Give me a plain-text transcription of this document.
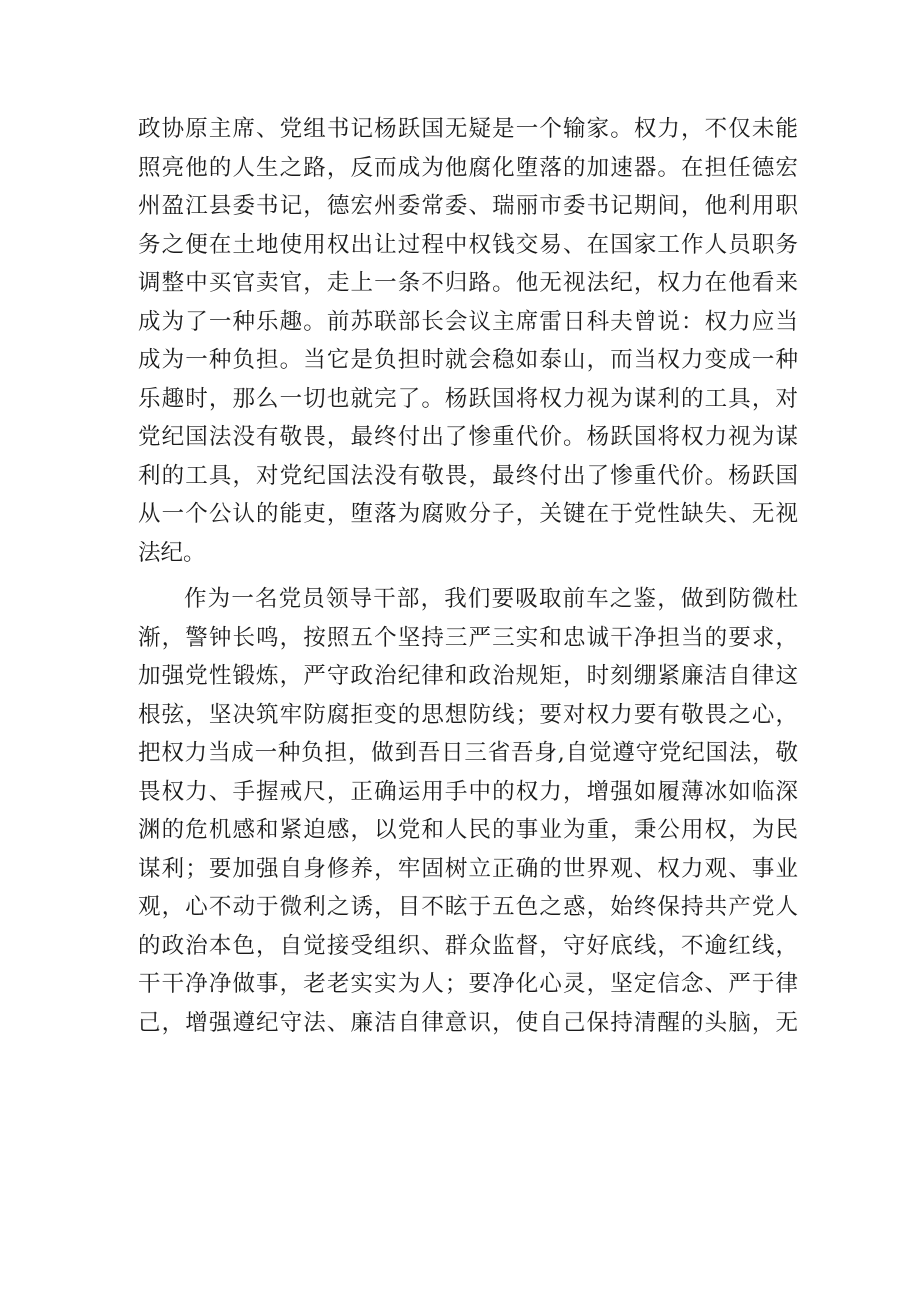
政协原主席、党组书记杨跃国无疑是一个输家。权力，不仅未能
照亮他的人生之路，反而成为他腐化堕落的加速器。在担任德宏
州盈江县委书记，德宏州委常委、瑞丽市委书记期间，他利用职
务之便在土地使用权出让过程中权钱交易、在国家工作人员职务
调整中买官卖官，走上一条不归路。他无视法纪，权力在他看来
成为了一种乐趣。前苏联部长会议主席雷日科夫曾说：权力应当
成为一种负担。当它是负担时就会稳如泰山，而当权力变成一种
乐趣时，那么一切也就完了。杨跃国将权力视为谋利的工具，对
党纪国法没有敬畏，最终付出了惨重代价。杨跃国将权力视为谋
利的工具，对党纪国法没有敬畏，最终付出了惨重代价。杨跃国
从一个公认的能吏，堕落为腐败分子，关键在于党性缺失、无视
法纪。
作为一名党员领导干部，我们要吸取前车之鉴，做到防微杜
渐，警钟长鸣，按照五个坚持三严三实和忠诚干净担当的要求，
加强党性锻炼，严守政治纪律和政治规矩，时刻绷紧廉洁自律这
根弦，坚决筑牢防腐拒变的思想防线；要对权力要有敬畏之心，
把权力当成一种负担，做到吾日三省吾身,自觉遵守党纪国法，敬
畏权力、手握戒尺，正确运用手中的权力，增强如履薄冰如临深
渊的危机感和紧迫感，以党和人民的事业为重，秉公用权，为民
谋利；要加强自身修养，牢固树立正确的世界观、权力观、事业
观，心不动于微利之诱，目不眩于五色之惑，始终保持共产党人
的政治本色，自觉接受组织、群众监督，守好底线，不逾红线，
干干净净做事，老老实实为人；要净化心灵，坚定信念、严于律
己，增强遵纪守法、廉洁自律意识，使自己保持清醒的头脑，无
